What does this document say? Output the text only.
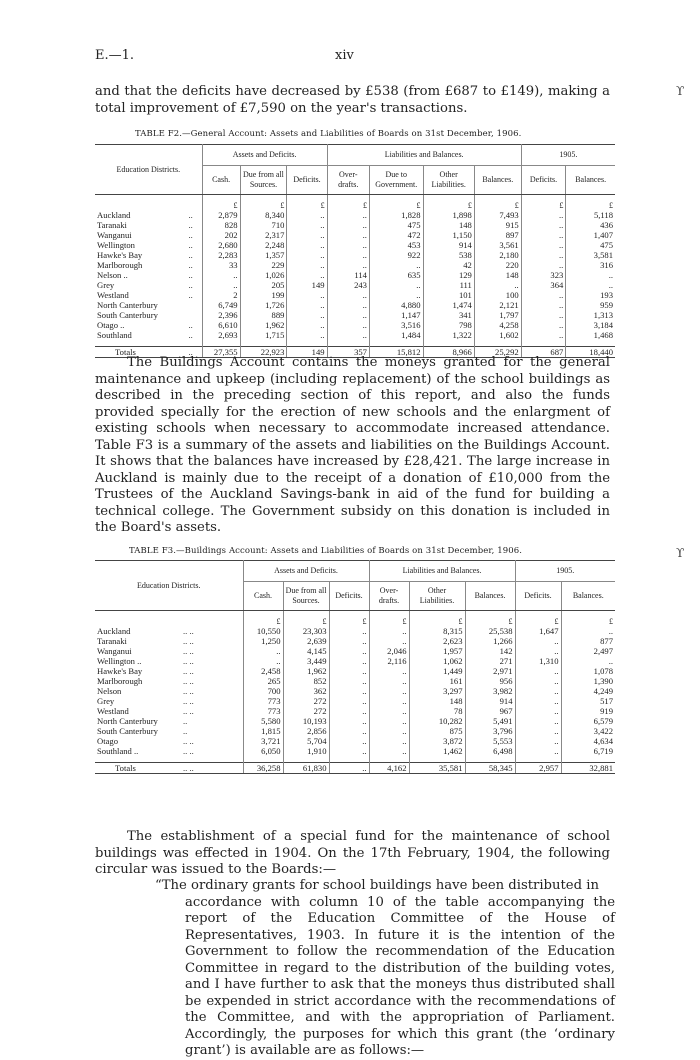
E.—1.	xiv

and that the deficits have decreased by £538 (from £687 to £149), making a total improvement of £7,590 on the year's transactions.

ϒ
TABLE F2.—General Account: Assets and Liabilities of Boards on 31st December, 1906.
Education Districts.		Assets and Deficits.			Liabilities and Balances.				1905.	
		Cash.	Due from all Sources.	Deficits.	Over-drafts.	Due to Government.	Other Liabilities.	Balances.	Deficits.	Balances.
		£	£	£	£	£	£	£	£	£
Auckland	..	2,879	8,340	..	..	1,828	1,898	7,493	..	5,118
Taranaki	..	828	710	..	..	475	148	915	..	436
Wanganui	..	202	2,317	..	..	472	1,150	897	..	1,407
Wellington	..	2,680	2,248	..	..	453	914	3,561	..	475
Hawke's Bay	..	2,283	1,357	..	..	922	538	2,180	..	3,581
Marlborough	..	33	229	..	..	..	42	220	..	316
Nelson ..	..	..	1,026	..	114	635	129	148	323	..
Grey	..	..	205	149	243	..	111	..	364	..
Westland	..	2	199	..	..	..	101	100	..	193
North Canterbury		6,749	1,726	..	..	4,880	1,474	2,121	..	959
South Canterbury		2,396	889	..	..	1,147	341	1,797	..	1,313
Otago ..	..	6,610	1,962	..	..	3,516	798	4,258	..	3,184
Southland	..	2,693	1,715	..	..	1,484	1,322	1,602	..	1,468
Totals	..	27,355	22,923	149	357	15,812	8,966	25,292	687	18,440

The Buildings Account contains the moneys granted for the general maintenance and upkeep (including replacement) of the school buildings as described in the preceding section of this report, and also the funds provided specially for the erection of new schools and the enlargment of existing schools when necessary to accommodate increased attendance. Table F3 is a summary of the assets and liabilities on the Buildings Account. It shows that the balances have increased by £28,421. The large increase in Auckland is mainly due to the receipt of a donation of £10,000 from the Trustees of the Auckland Savings-bank in aid of the fund for building a technical college. The Government subsidy on this donation is included in the Board's assets.

TABLE F3.—Buildings Account: Assets and Liabilities of Boards on 31st December, 1906.	ϒ
Education Districts.		Assets and Deficits.			Liabilities and Balances.			1905.	
		Cash.	Due from all Sources.	Deficits.	Over-drafts.	Other Liabilities.	Balances.	Deficits.	Balances.
		£	£	£	£	£	£	£	£
Auckland	.. ..	10,550	23,303	..	..	8,315	25,538	1,647	..
Taranaki	.. ..	1,250	2,639	..	..	2,623	1,266	..	877
Wanganui	.. ..	..	4,145	..	2,046	1,957	142	..	2,497
Wellington ..	.. ..	..	3,449	..	2,116	1,062	271	1,310	..
Hawke's Bay	.. ..	2,458	1,962	..	..	1,449	2,971	..	1,078
Marlborough	.. ..	265	852	..	..	161	956	..	1,390
Nelson	.. ..	700	362	..	..	3,297	3,982	..	4,249
Grey	.. ..	773	272	..	..	148	914	..	517
Westland	.. ..	773	272	..	..	78	967	..	919
North Canterbury	..	5,580	10,193	..	..	10,282	5,491	..	6,579
South Canterbury	..	1,815	2,856	..	..	875	3,796	..	3,422
Otago	.. ..	3,721	5,704	..	..	3,872	5,553	..	4,634
Southland ..	.. ..	6,050	1,910	..	..	1,462	6,498	..	6,719
Totals	.. ..	36,258	61,830	..	4,162	35,581	58,345	2,957	32,881

The establishment of a special fund for the maintenance of school buildings was effected in 1904. On the 17th February, 1904, the following circular was issued to the Boards:—

“The ordinary grants for school buildings have been distributed in

accordance with column 10 of the table accompanying the report of the Education Committee of the House of Representatives, 1903. In future it is the intention of the Government to follow the recommendation of the Education Committee in regard to the distribution of the building votes, and I have further to ask that the moneys thus distributed shall be expended in strict accordance with the recommendations of the Committee, and with the appropriation of Parliament. Accordingly, the purposes for which this grant (the ‘ordinary grant’) is available are as follows:—
